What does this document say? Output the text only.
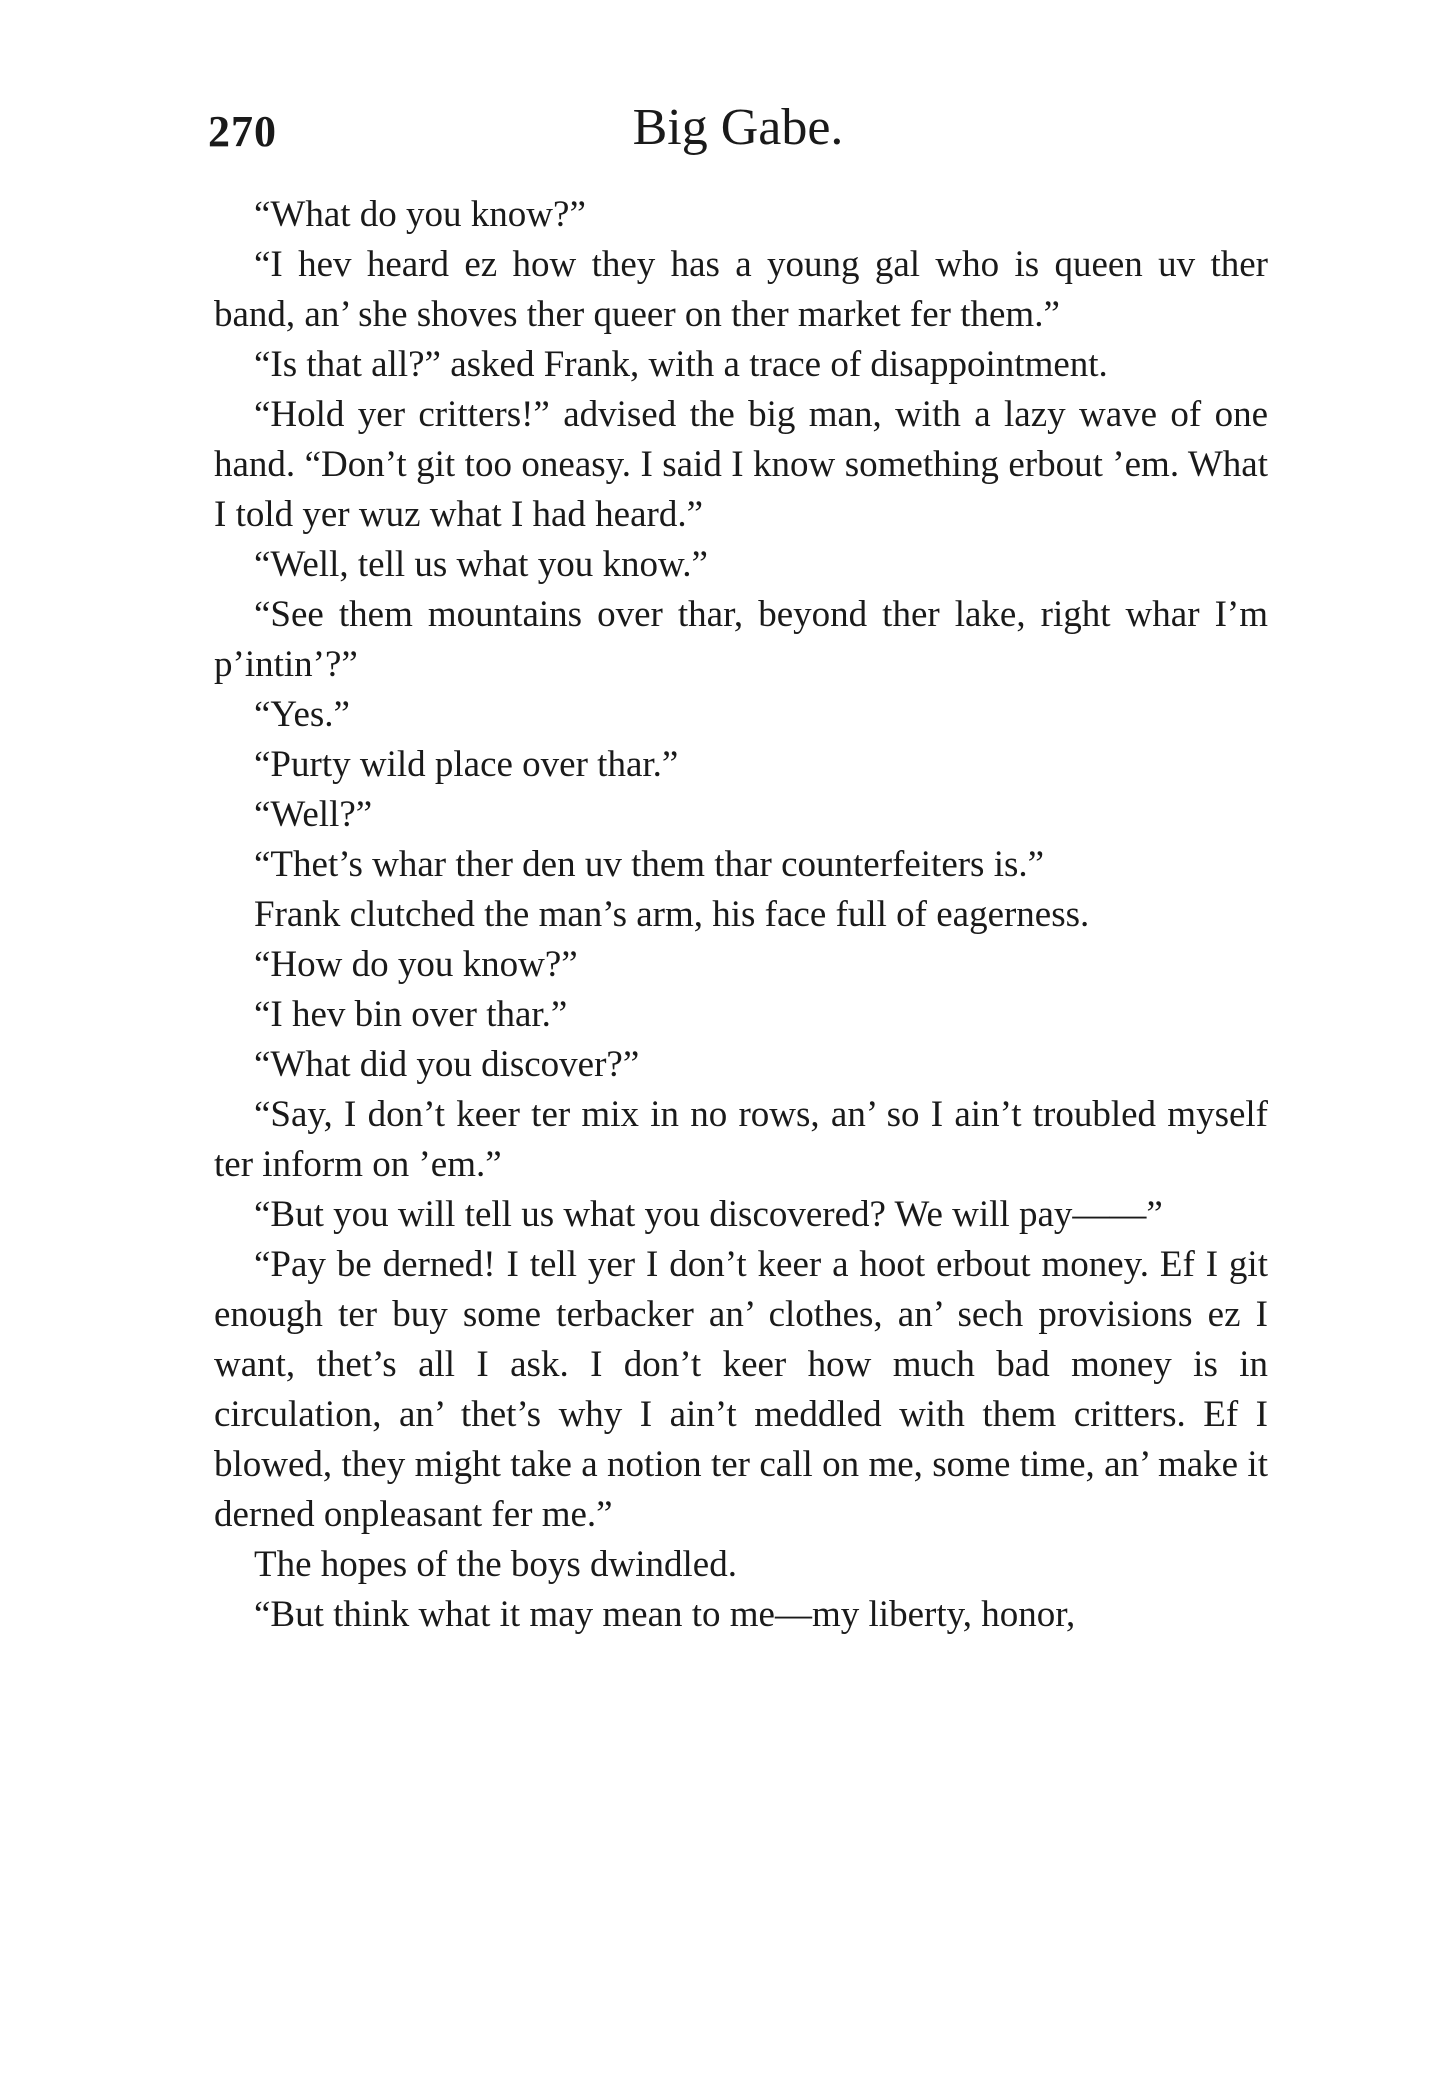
270	Big Gabe.

“What do you know?”

“I hev heard ez how they has a young gal who is queen uv ther band, an’ she shoves ther queer on ther market fer them.”

“Is that all?” asked Frank, with a trace of disappointment.

“Hold yer critters!” advised the big man, with a lazy wave of one hand. “Don’t git too oneasy. I said I know something erbout ’em. What I told yer wuz what I had heard.”

“Well, tell us what you know.”

“See them mountains over thar, beyond ther lake, right whar I’m p’intin’?”

“Yes.”

“Purty wild place over thar.”

“Well?”

“Thet’s whar ther den uv them thar counterfeiters is.”

Frank clutched the man’s arm, his face full of eagerness.

“How do you know?”

“I hev bin over thar.”

“What did you discover?”

“Say, I don’t keer ter mix in no rows, an’ so I ain’t troubled myself ter inform on ’em.”

“But you will tell us what you discovered? We will pay——”

“Pay be derned! I tell yer I don’t keer a hoot erbout money. Ef I git enough ter buy some terbacker an’ clothes, an’ sech provisions ez I want, thet’s all I ask. I don’t keer how much bad money is in circulation, an’ thet’s why I ain’t meddled with them critters. Ef I blowed, they might take a notion ter call on me, some time, an’ make it derned onpleasant fer me.”

The hopes of the boys dwindled.

“But think what it may mean to me—my liberty, honor,
